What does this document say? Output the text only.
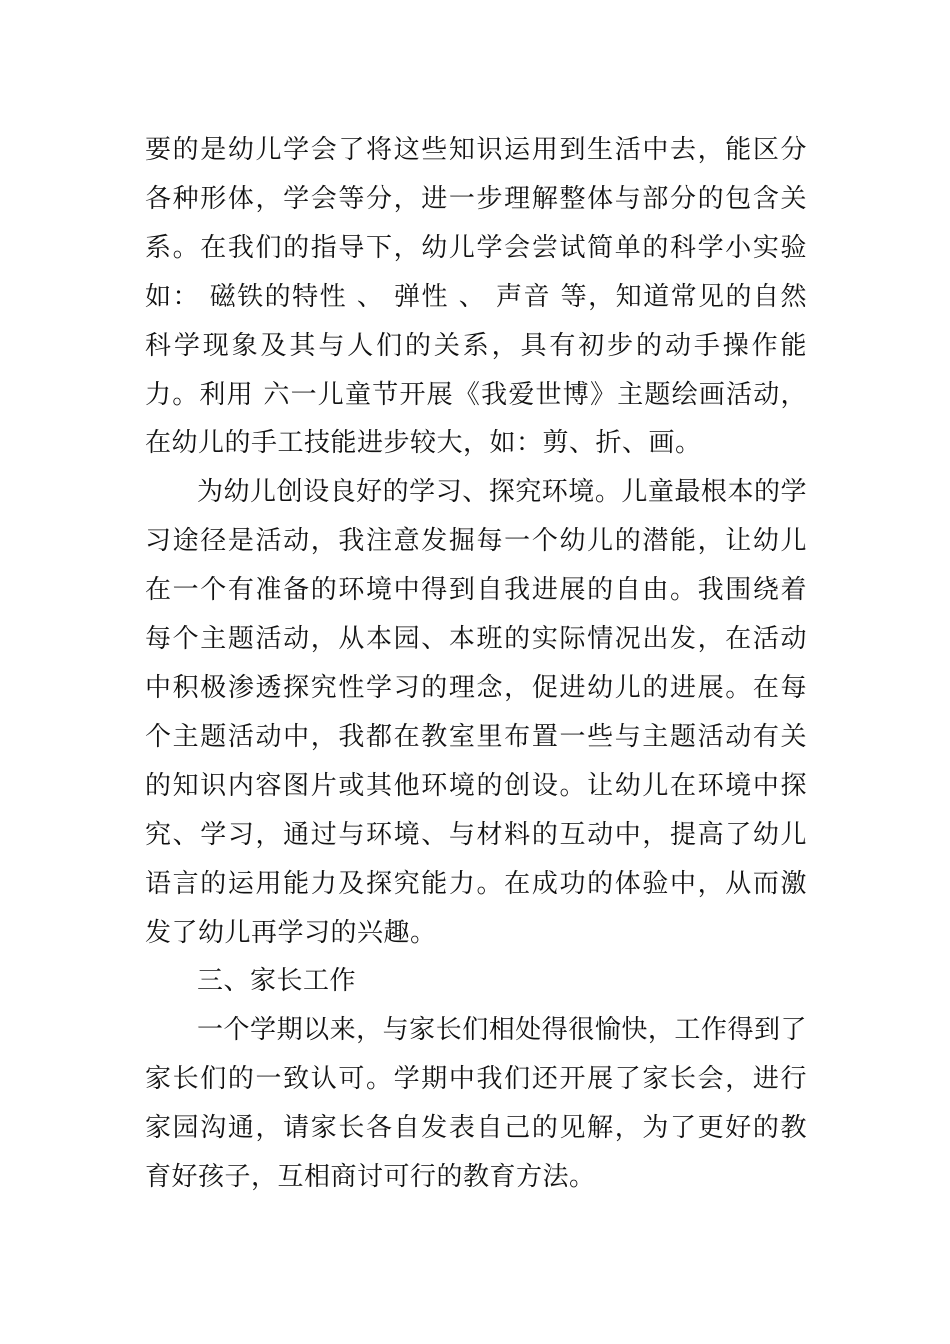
要的是幼儿学会了将这些知识运用到生活中去，能区分各种形体，学会等分，进一步理解整体与部分的包含关系。在我们的指导下，幼儿学会尝试简单的科学小实验如： 磁铁的特性 、 弹性 、 声音 等，知道常见的自然科学现象及其与人们的关系，具有初步的动手操作能力。利用 六一儿童节开展《我爱世博》主题绘画活动，在幼儿的手工技能进步较大，如：剪、折、画。

为幼儿创设良好的学习、探究环境。儿童最根本的学习途径是活动，我注意发掘每一个幼儿的潜能，让幼儿在一个有准备的环境中得到自我进展的自由。我围绕着每个主题活动，从本园、本班的实际情况出发，在活动中积极渗透探究性学习的理念，促进幼儿的进展。在每个主题活动中，我都在教室里布置一些与主题活动有关的知识内容图片或其他环境的创设。让幼儿在环境中探究、学习，通过与环境、与材料的互动中，提高了幼儿语言的运用能力及探究能力。在成功的体验中，从而激发了幼儿再学习的兴趣。

三、家长工作

一个学期以来，与家长们相处得很愉快，工作得到了家长们的一致认可。学期中我们还开展了家长会，进行家园沟通，请家长各自发表自己的见解，为了更好的教育好孩子，互相商讨可行的教育方法。
